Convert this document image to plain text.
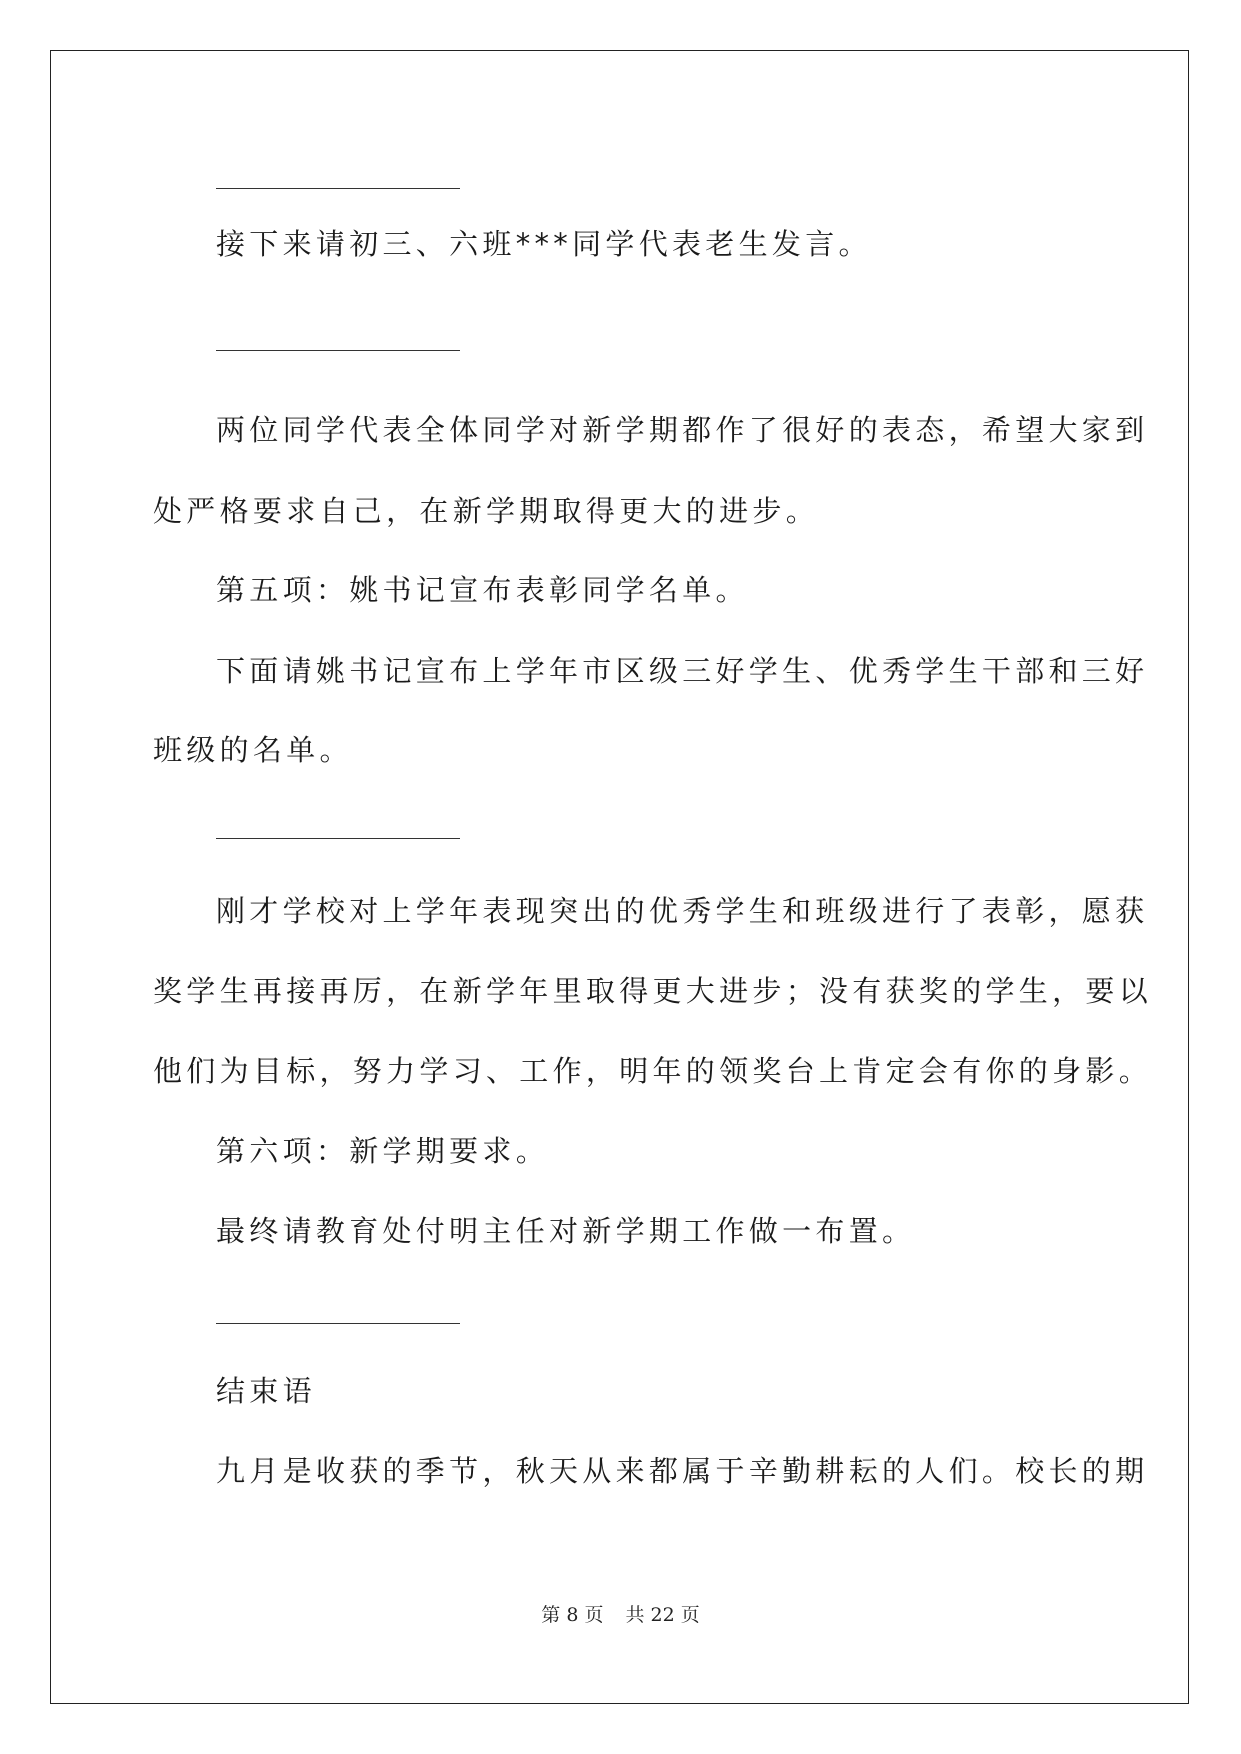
接下来请初三、六班***同学代表老生发言。
两位同学代表全体同学对新学期都作了很好的表态，希望大家到
处严格要求自己，在新学期取得更大的进步。
第五项：姚书记宣布表彰同学名单。
下面请姚书记宣布上学年市区级三好学生、优秀学生干部和三好
班级的名单。
刚才学校对上学年表现突出的优秀学生和班级进行了表彰，愿获
奖学生再接再厉，在新学年里取得更大进步；没有获奖的学生，要以
他们为目标，努力学习、工作，明年的领奖台上肯定会有你的身影。
第六项：新学期要求。
最终请教育处付明主任对新学期工作做一布置。
结束语
九月是收获的季节，秋天从来都属于辛勤耕耘的人们。校长的期
第 8 页 共 22 页
